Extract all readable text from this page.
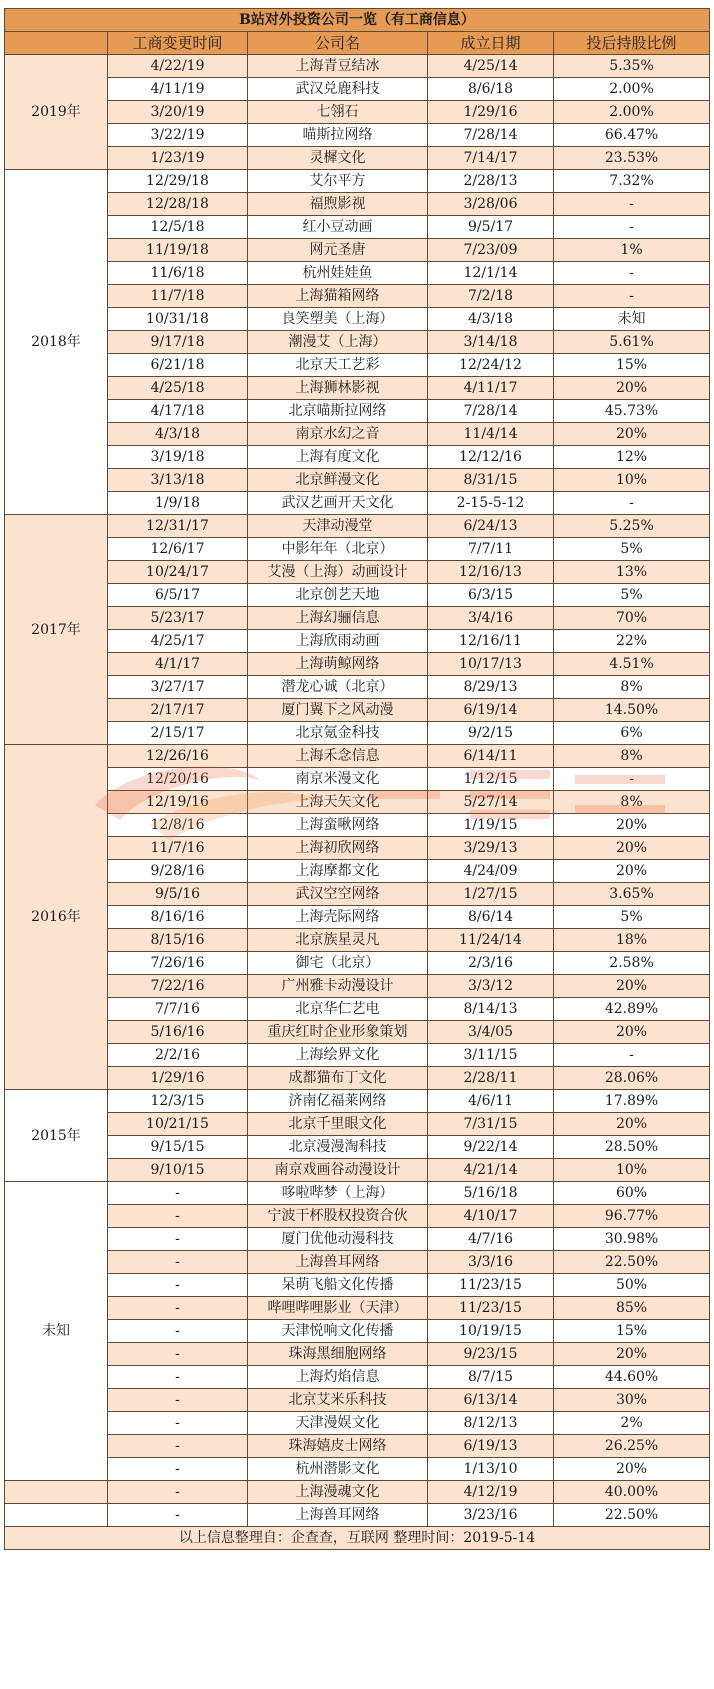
B站对外投资公司一览（有工商信息）				
	工商变更时间	公司名	成立日期	投后持股比例
2019年	4/22/19	上海青豆结冰	4/25/14	5.35%
	4/11/19	武汉兑鹿科技	8/6/18	2.00%
	3/20/19	七翎石	1/29/16	2.00%
	3/22/19	喵斯拉网络	7/28/14	66.47%
	1/23/19	灵樨文化	7/14/17	23.53%
2018年	12/29/18	艾尔平方	2/28/13	7.32%
	12/28/18	福煦影视	3/28/06	-
	12/5/18	红小豆动画	9/5/17	-
	11/19/18	网元圣唐	7/23/09	1%
	11/6/18	杭州娃娃鱼	12/1/14	-
	11/7/18	上海猫箱网络	7/2/18	-
	10/31/18	良笑塑美（上海）	4/3/18	未知
	9/17/18	潮漫艾（上海）	3/14/18	5.61%
	6/21/18	北京天工艺彩	12/24/12	15%
	4/25/18	上海狮林影视	4/11/17	20%
	4/17/18	北京喵斯拉网络	7/28/14	45.73%
	4/3/18	南京水幻之音	11/4/14	20%
	3/19/18	上海有度文化	12/12/16	12%
	3/13/18	北京鲜漫文化	8/31/15	10%
	1/9/18	武汉艺画开天文化	2-15-5-12	-
2017年	12/31/17	天津动漫堂	6/24/13	5.25%
	12/6/17	中影年年（北京）	7/7/11	5%
	10/24/17	艾漫（上海）动画设计	12/16/13	13%
	6/5/17	北京创艺天地	6/3/15	5%
	5/23/17	上海幻骊信息	3/4/16	70%
	4/25/17	上海欣雨动画	12/16/11	22%
	4/1/17	上海萌鲸网络	10/17/13	4.51%
	3/27/17	潜龙心诚（北京）	8/29/13	8%
	2/17/17	厦门翼下之风动漫	6/19/14	14.50%
	2/15/17	北京氪金科技	9/2/15	6%
2016年	12/26/16	上海禾念信息	6/14/11	8%
	12/20/16	南京米漫文化	1/12/15	-
	12/19/16	上海天矢文化	5/27/14	8%
	12/8/16	上海蛮啾网络	1/19/15	20%
	11/7/16	上海初欣网络	3/29/13	20%
	9/28/16	上海摩都文化	4/24/09	20%
	9/5/16	武汉空空网络	1/27/15	3.65%
	8/16/16	上海壳际网络	8/6/14	5%
	8/15/16	北京族星灵凡	11/24/14	18%
	7/26/16	御宅（北京）	2/3/16	2.58%
	7/22/16	广州雅卡动漫设计	3/3/12	20%
	7/7/16	北京华仁艺电	8/14/13	42.89%
	5/16/16	重庆红时企业形象策划	3/4/05	20%
	2/2/16	上海绘界文化	3/11/15	-
	1/29/16	成都猫布丁文化	2/28/11	28.06%
2015年	12/3/15	济南亿福莱网络	4/6/11	17.89%
	10/21/15	北京千里眼文化	7/31/15	20%
	9/15/15	北京漫漫淘科技	9/22/14	28.50%
	9/10/15	南京戏画谷动漫设计	4/21/14	10%
未知	-	哆啦哔梦（上海）	5/16/18	60%
	-	宁波干杯股权投资合伙	4/10/17	96.77%
	-	厦门优他动漫科技	4/7/16	30.98%
	-	上海兽耳网络	3/3/16	22.50%
	-	呆萌飞船文化传播	11/23/15	50%
	-	哔哩哔哩影业（天津）	11/23/15	85%
	-	天津悦响文化传播	10/19/15	15%
	-	珠海黑细胞网络	9/23/15	20%
	-	上海灼焰信息	8/7/15	44.60%
	-	北京艾米乐科技	6/13/14	30%
	-	天津漫娱文化	8/12/13	2%
	-	珠海嬉皮士网络	6/19/13	26.25%
	-	杭州潜影文化	1/13/10	20%
	-	上海漫魂文化	4/12/19	40.00%
	-	上海兽耳网络	3/23/16	22.50%
以上信息整理自：企查查，互联网 整理时间：2019-5-14				
